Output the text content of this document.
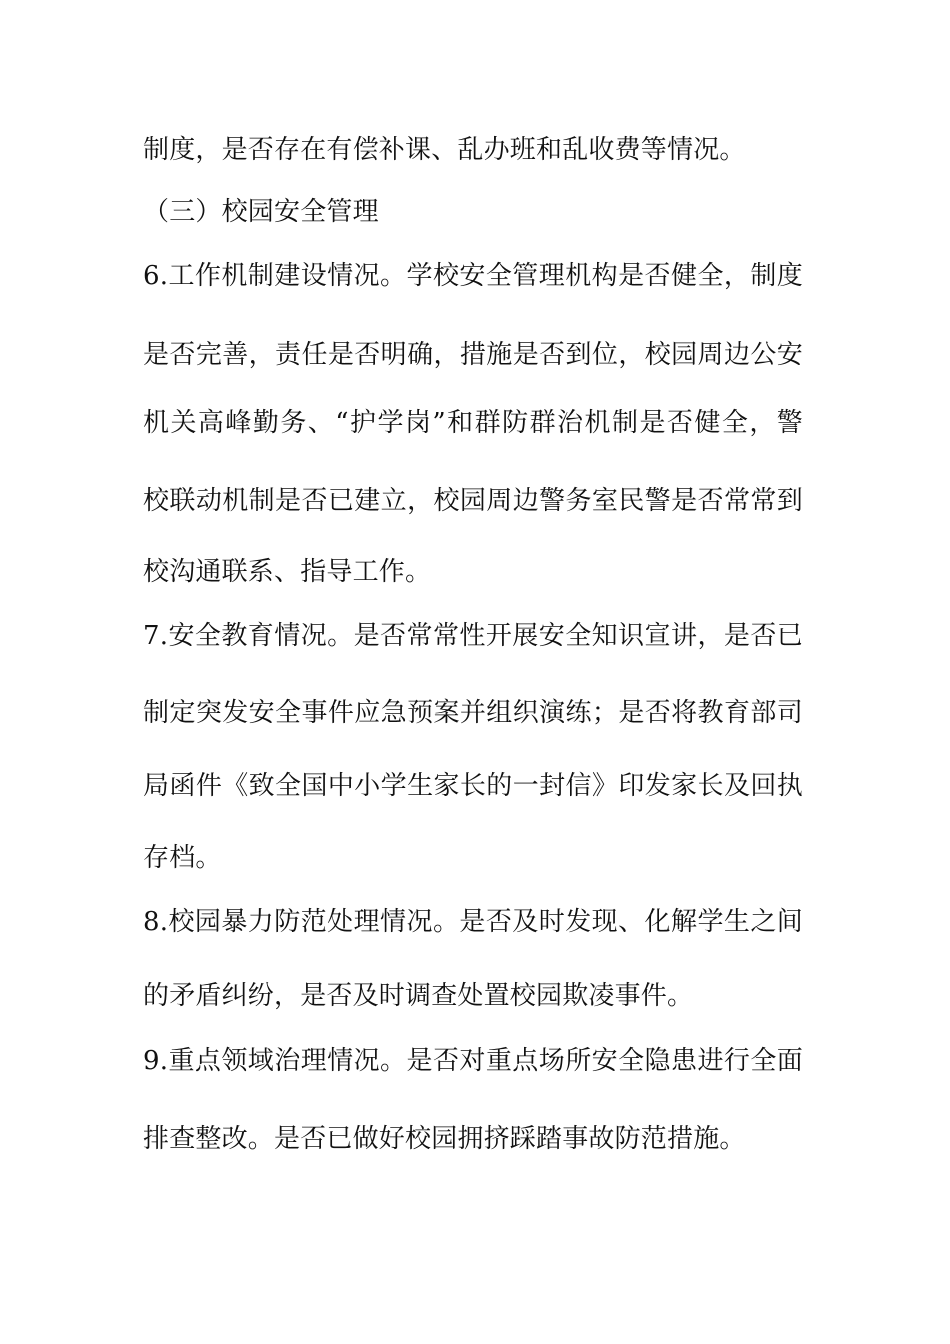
制度，是否存在有偿补课、乱办班和乱收费等情况。
（三）校园安全管理
6.工作机制建设情况。学校安全管理机构是否健全，制度
是否完善，责任是否明确，措施是否到位，校园周边公安
机关高峰勤务、“护学岗”和群防群治机制是否健全，警
校联动机制是否已建立，校园周边警务室民警是否常常到
校沟通联系、指导工作。
7.安全教育情况。是否常常性开展安全知识宣讲，是否已
制定突发安全事件应急预案并组织演练；是否将教育部司
局函件《致全国中小学生家长的一封信》印发家长及回执
存档。
8.校园暴力防范处理情况。是否及时发现、化解学生之间
的矛盾纠纷，是否及时调查处置校园欺凌事件。
9.重点领域治理情况。是否对重点场所安全隐患进行全面
排查整改。是否已做好校园拥挤踩踏事故防范措施。
